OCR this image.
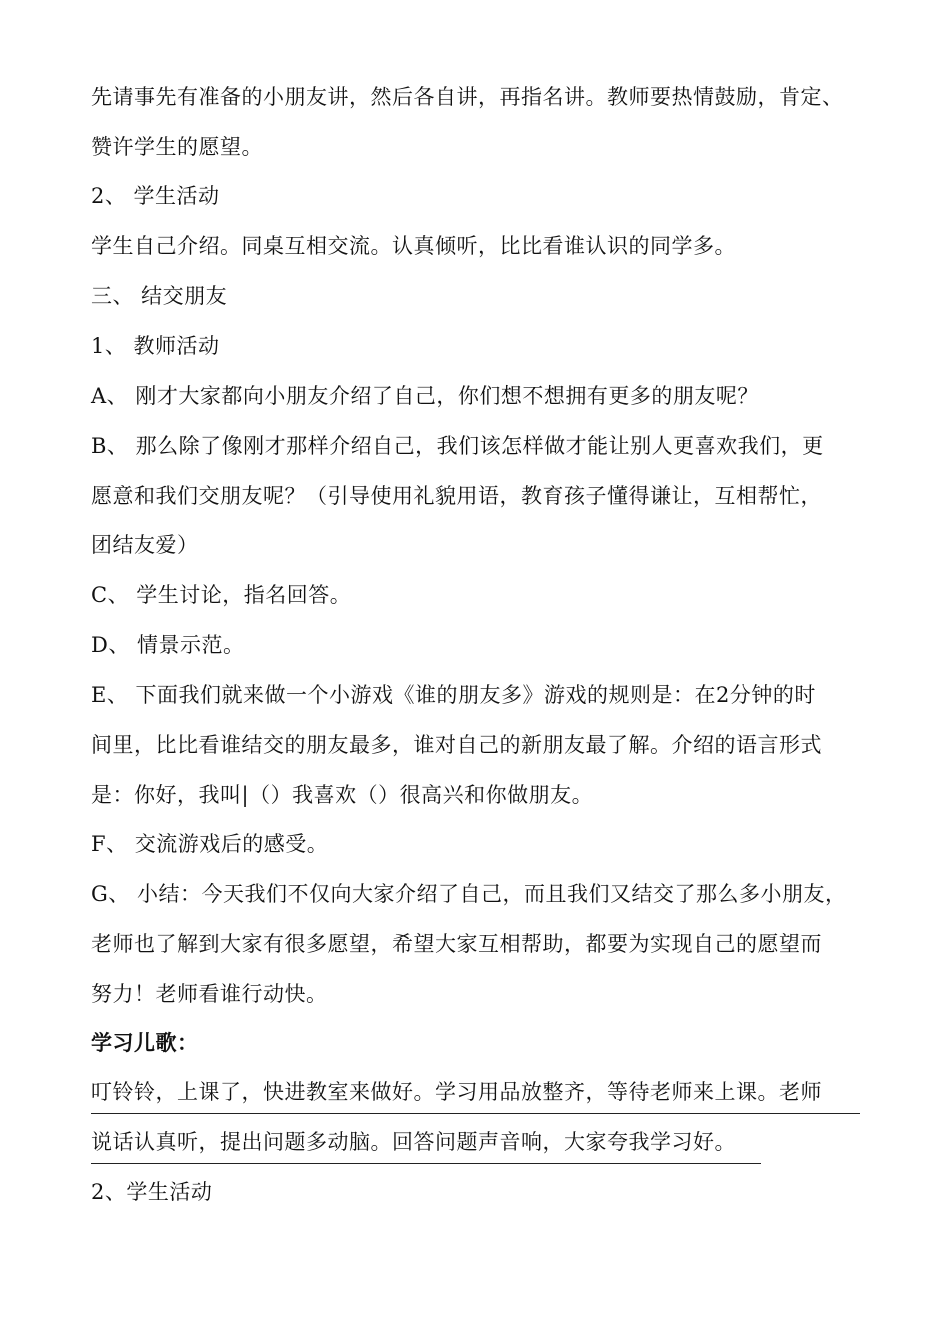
先请事先有准备的小朋友讲，然后各自讲，再指名讲。教师要热情鼓励，肯定、
赞许学生的愿望。
2、 学生活动
学生自己介绍。同桌互相交流。认真倾听，比比看谁认识的同学多。
三、 结交朋友
1、 教师活动
A、 刚才大家都向小朋友介绍了自己，你们想不想拥有更多的朋友呢？
B、 那么除了像刚才那样介绍自己，我们该怎样做才能让别人更喜欢我们，更
愿意和我们交朋友呢？（引导使用礼貌用语，教育孩子懂得谦让，互相帮忙，
团结友爱）
C、 学生讨论，指名回答。
D、 情景示范。
E、 下面我们就来做一个小游戏《谁的朋友多》游戏的规则是：在2分钟的时
间里，比比看谁结交的朋友最多，谁对自己的新朋友最了解。介绍的语言形式
是：你好，我叫|（）我喜欢（）很高兴和你做朋友。
F、 交流游戏后的感受。
G、 小结：今天我们不仅向大家介绍了自己，而且我们又结交了那么多小朋友，
老师也了解到大家有很多愿望，希望大家互相帮助，都要为实现自己的愿望而
努力！老师看谁行动快。
学习儿歌：
叮铃铃，上课了，快进教室来做好。学习用品放整齐，等待老师来上课。老师
说话认真听，提出问题多动脑。回答问题声音响，大家夸我学习好。
2、学生活动
